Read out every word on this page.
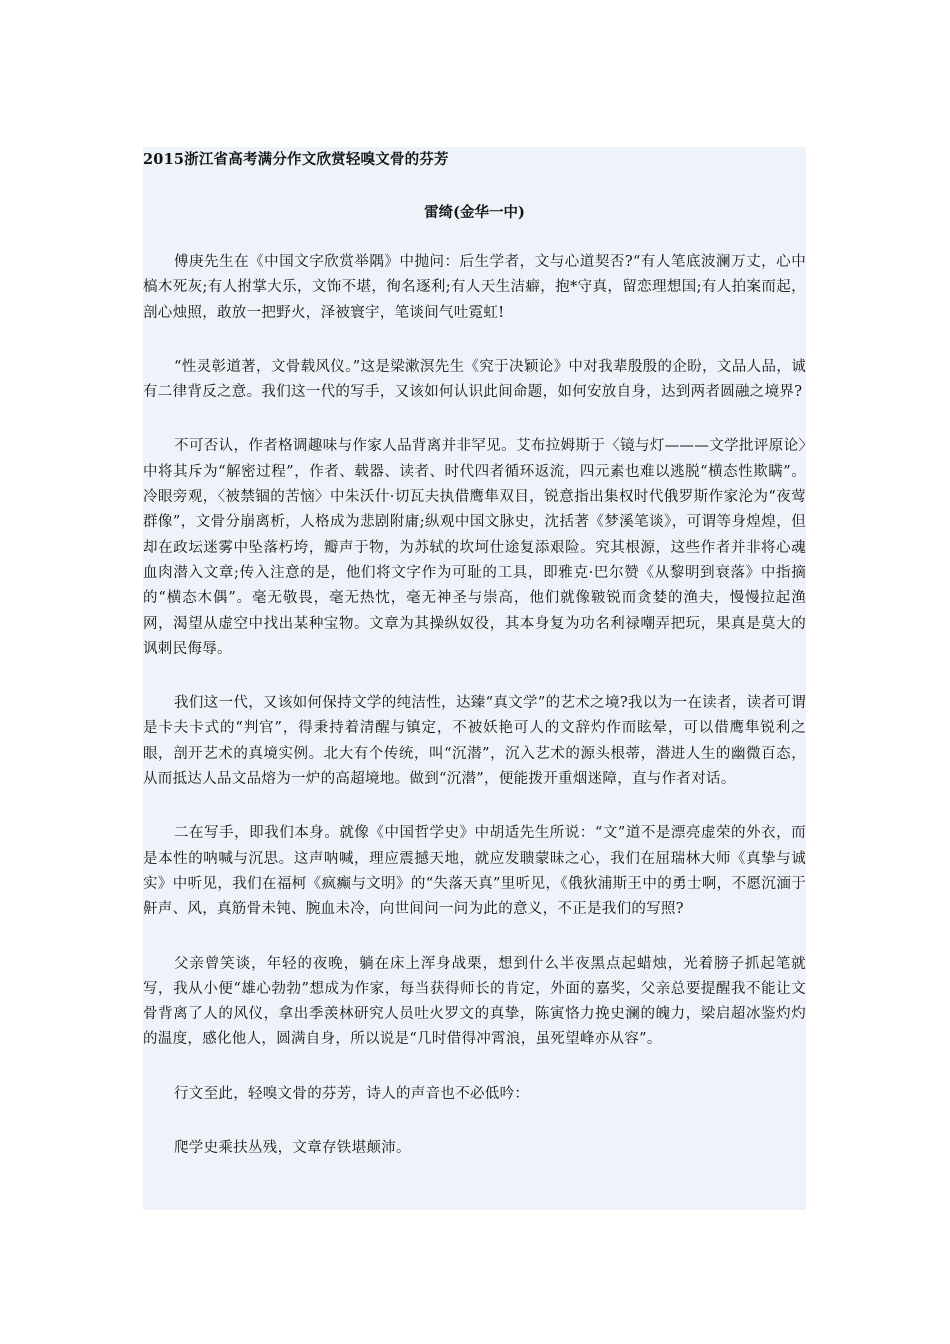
2015浙江省高考满分作文欣赏轻嗅文骨的芬芳

雷绮(金华一中)

傅庚先生在《中国文字欣赏举隅》中抛问：后生学者，文与心道契否?“有人笔底波澜万丈，心中槁木死灰;有人拊掌大乐，文饰不堪，徇名逐利;有人天生洁癖，抱*守真，留恋理想国;有人拍案而起，剖心烛照，敢放一把野火，泽被寰宇，笔谈间气吐霓虹!

“性灵彰道著，文骨载风仪。”这是梁漱溟先生《究于决颖论》中对我辈殷殷的企盼，文品人品，诚有二律背反之意。我们这一代的写手，又该如何认识此间命题，如何安放自身，达到两者圆融之境界?

不可否认，作者格调趣味与作家人品背离并非罕见。艾布拉姆斯于〈镜与灯———文学批评原论〉中将其斥为“解密过程”，作者、载器、读者、时代四者循环返流，四元素也难以逃脱“横态性欺瞒”。冷眼旁观，〈被禁锢的苦恼〉中朱沃什·切瓦夫执借鹰隼双目，锐意指出集权时代俄罗斯作家沦为“夜莺群像”，文骨分崩离析，人格成为悲剧附庸;纵观中国文脉史，沈括著《梦溪笔谈》，可谓等身煌煌，但却在政坛迷雾中坠落朽垮，瓣声于物，为苏轼的坎坷仕途复添艰险。究其根源，这些作者并非将心魂血肉潜入文章;传入注意的是，他们将文字作为可耻的工具，即雅克·巴尔赞《从黎明到衰落》中指摘的“横态木偶”。毫无敬畏，毫无热忱，毫无神圣与崇高，他们就像皲锐而贪婪的渔夫，慢慢拉起渔网，渴望从虚空中找出某种宝物。文章为其操纵奴役，其本身复为功名利禄嘲弄把玩，果真是莫大的讽刺民侮辱。

我们这一代，又该如何保持文学的纯洁性，达臻“真文学”的艺术之境?我以为一在读者，读者可谓是卡夫卡式的“判官”，得秉持着清醒与镇定，不被妖艳可人的文辞灼作而眩晕，可以借鹰隼锐利之眼，剖开艺术的真境实例。北大有个传统，叫“沉潜”，沉入艺术的源头根蒂，潜进人生的幽微百态，从而抵达人品文品熔为一炉的高超境地。做到“沉潜”，便能拨开重烟迷障，直与作者对话。

二在写手，即我们本身。就像《中国哲学史》中胡适先生所说：“文”道不是漂亮虚荣的外衣，而是本性的呐喊与沉思。这声呐喊，理应震撼天地，就应发聩蒙昧之心，我们在屈瑞林大师《真挚与诚实》中听见，我们在福柯《疯癫与文明》的“失落天真”里听见，《俄狄浦斯王中的勇士啊，不愿沉湎于鼾声、风，真筋骨未钝、腕血未冷，向世间问一问为此的意义，不正是我们的写照?

父亲曾笑谈，年轻的夜晚，躺在床上浑身战栗，想到什么半夜黑点起蜡烛，光着膀子抓起笔就写，我从小便“雄心勃勃”想成为作家，每当获得师长的肯定，外面的嘉奖，父亲总要提醒我不能让文骨背离了人的风仪，拿出季羡林研究人员吐火罗文的真挚，陈寅恪力挽史澜的魄力，梁启超冰鉴灼灼的温度，感化他人，圆满自身，所以说是“几时借得冲霄浪，虽死望峰亦从容”。

行文至此，轻嗅文骨的芬芳，诗人的声音也不必低吟：

爬学史乘扶丛残，文章存铁堪颠沛。
